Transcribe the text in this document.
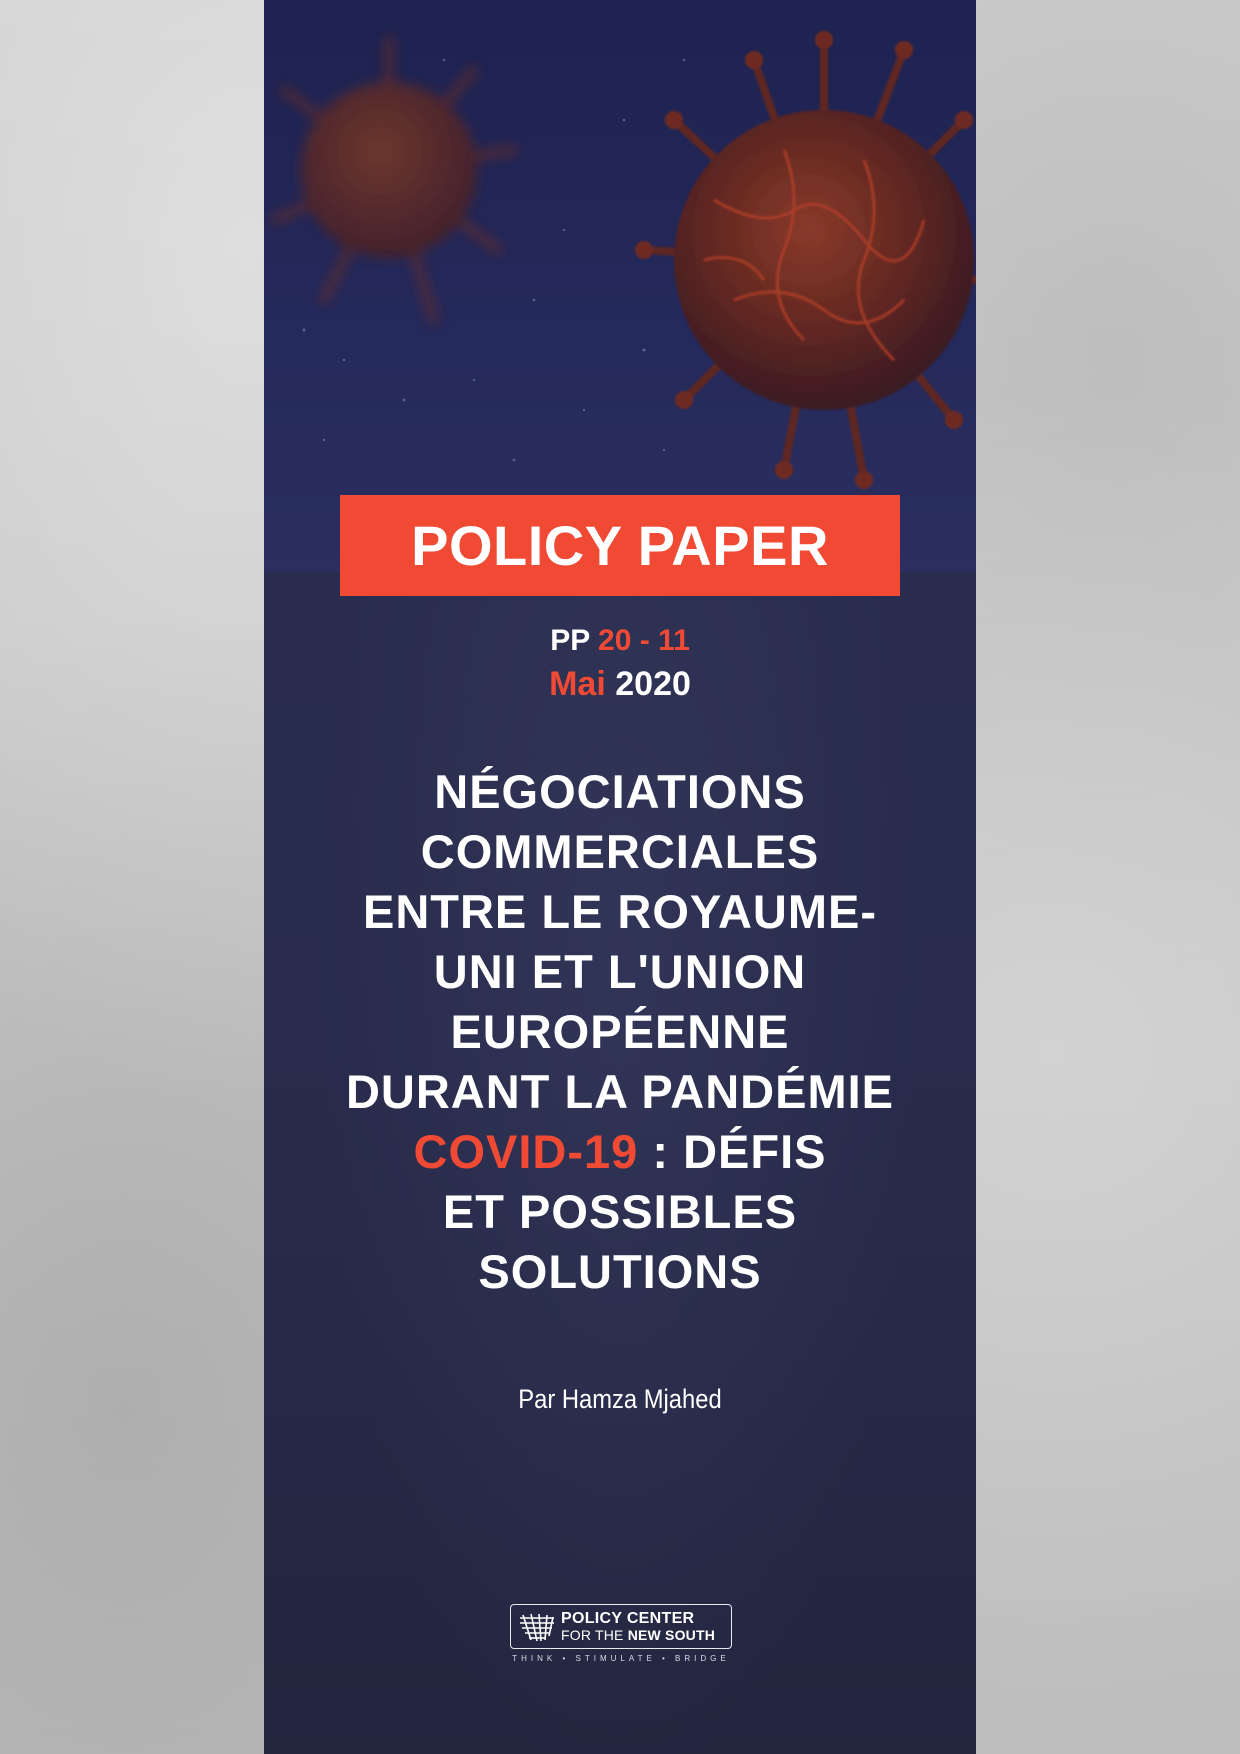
POLICY PAPER
PP 20 - 11
Mai 2020
NÉGOCIATIONS
COMMERCIALES
ENTRE LE ROYAUME-
UNI ET L'UNION
EUROPÉENNE
DURANT LA PANDÉMIE
COVID-19 : DÉFIS
ET POSSIBLES
SOLUTIONS
Par Hamza Mjahed
POLICY CENTER
FOR THE NEW SOUTH
THINK • STIMULATE • BRIDGE
